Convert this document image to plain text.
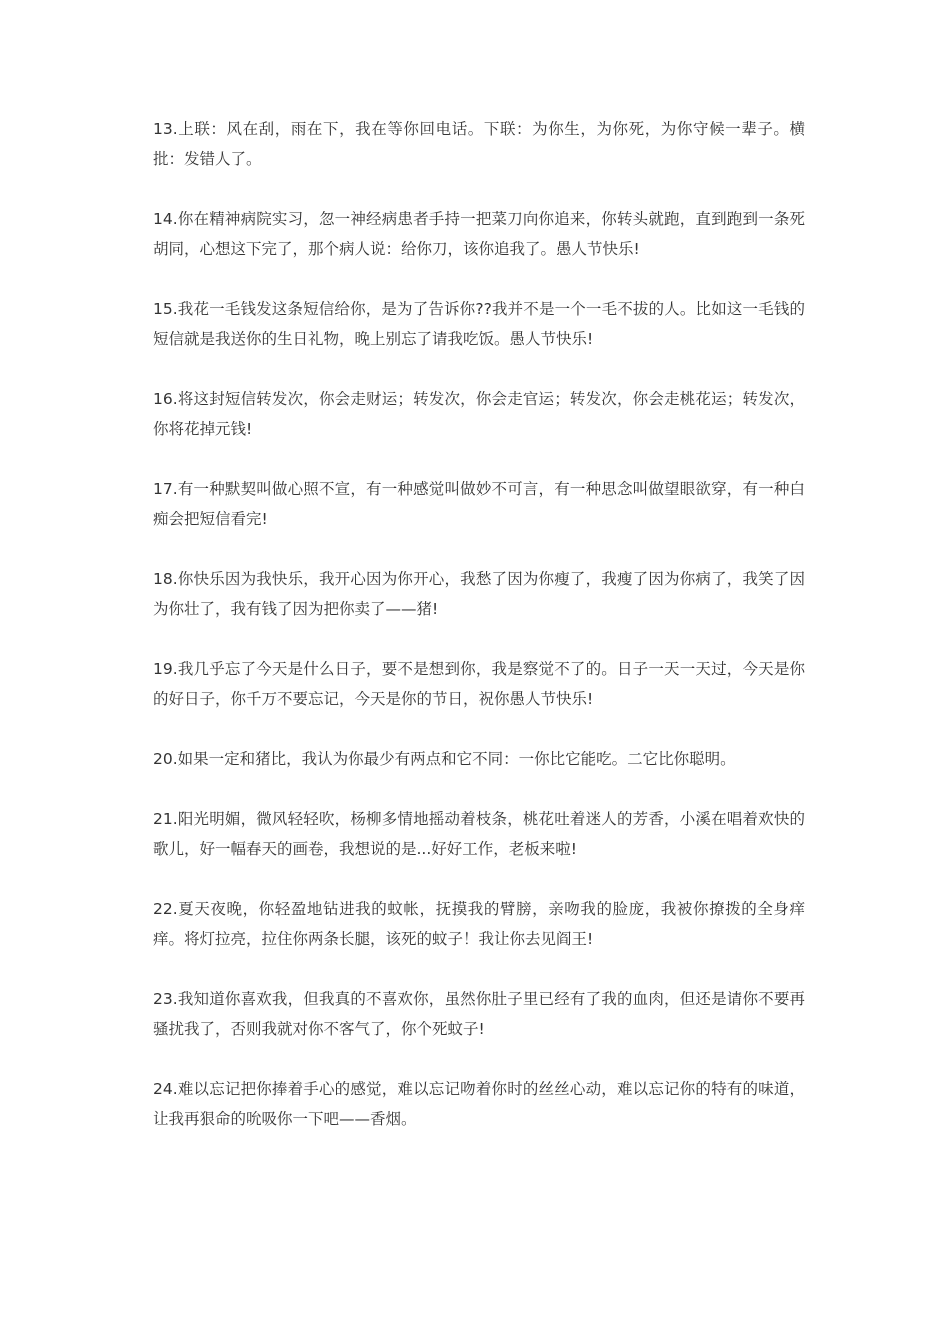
13.上联：风在刮，雨在下，我在等你回电话。下联：为你生，为你死，为你守候一辈子。横批：发错人了。

14.你在精神病院实习，忽一神经病患者手持一把菜刀向你追来，你转头就跑，直到跑到一条死胡同，心想这下完了，那个病人说：给你刀，该你追我了。愚人节快乐!

15.我花一毛钱发这条短信给你，是为了告诉你??我并不是一个一毛不拔的人。比如这一毛钱的短信就是我送你的生日礼物，晚上别忘了请我吃饭。愚人节快乐!

16.将这封短信转发次，你会走财运；转发次，你会走官运；转发次，你会走桃花运；转发次，你将花掉元钱!

17.有一种默契叫做心照不宣，有一种感觉叫做妙不可言，有一种思念叫做望眼欲穿，有一种白痴会把短信看完!

18.你快乐因为我快乐，我开心因为你开心，我愁了因为你瘦了，我瘦了因为你病了，我笑了因为你壮了，我有钱了因为把你卖了——猪!

19.我几乎忘了今天是什么日子，要不是想到你，我是察觉不了的。日子一天一天过，今天是你的好日子，你千万不要忘记，今天是你的节日，祝你愚人节快乐!

20.如果一定和猪比，我认为你最少有两点和它不同：一你比它能吃。二它比你聪明。

21.阳光明媚，微风轻轻吹，杨柳多情地摇动着枝条，桃花吐着迷人的芳香，小溪在唱着欢快的歌儿，好一幅春天的画卷，我想说的是...好好工作，老板来啦!

22.夏天夜晚，你轻盈地钻进我的蚊帐，抚摸我的臂膀，亲吻我的脸庞，我被你撩拨的全身痒痒。将灯拉亮，拉住你两条长腿，该死的蚊子！我让你去见阎王!

23.我知道你喜欢我，但我真的不喜欢你，虽然你肚子里已经有了我的血肉，但还是请你不要再骚扰我了，否则我就对你不客气了，你个死蚊子!

24.难以忘记把你捧着手心的感觉，难以忘记吻着你时的丝丝心动，难以忘记你的特有的味道，让我再狠命的吮吸你一下吧——香烟。
